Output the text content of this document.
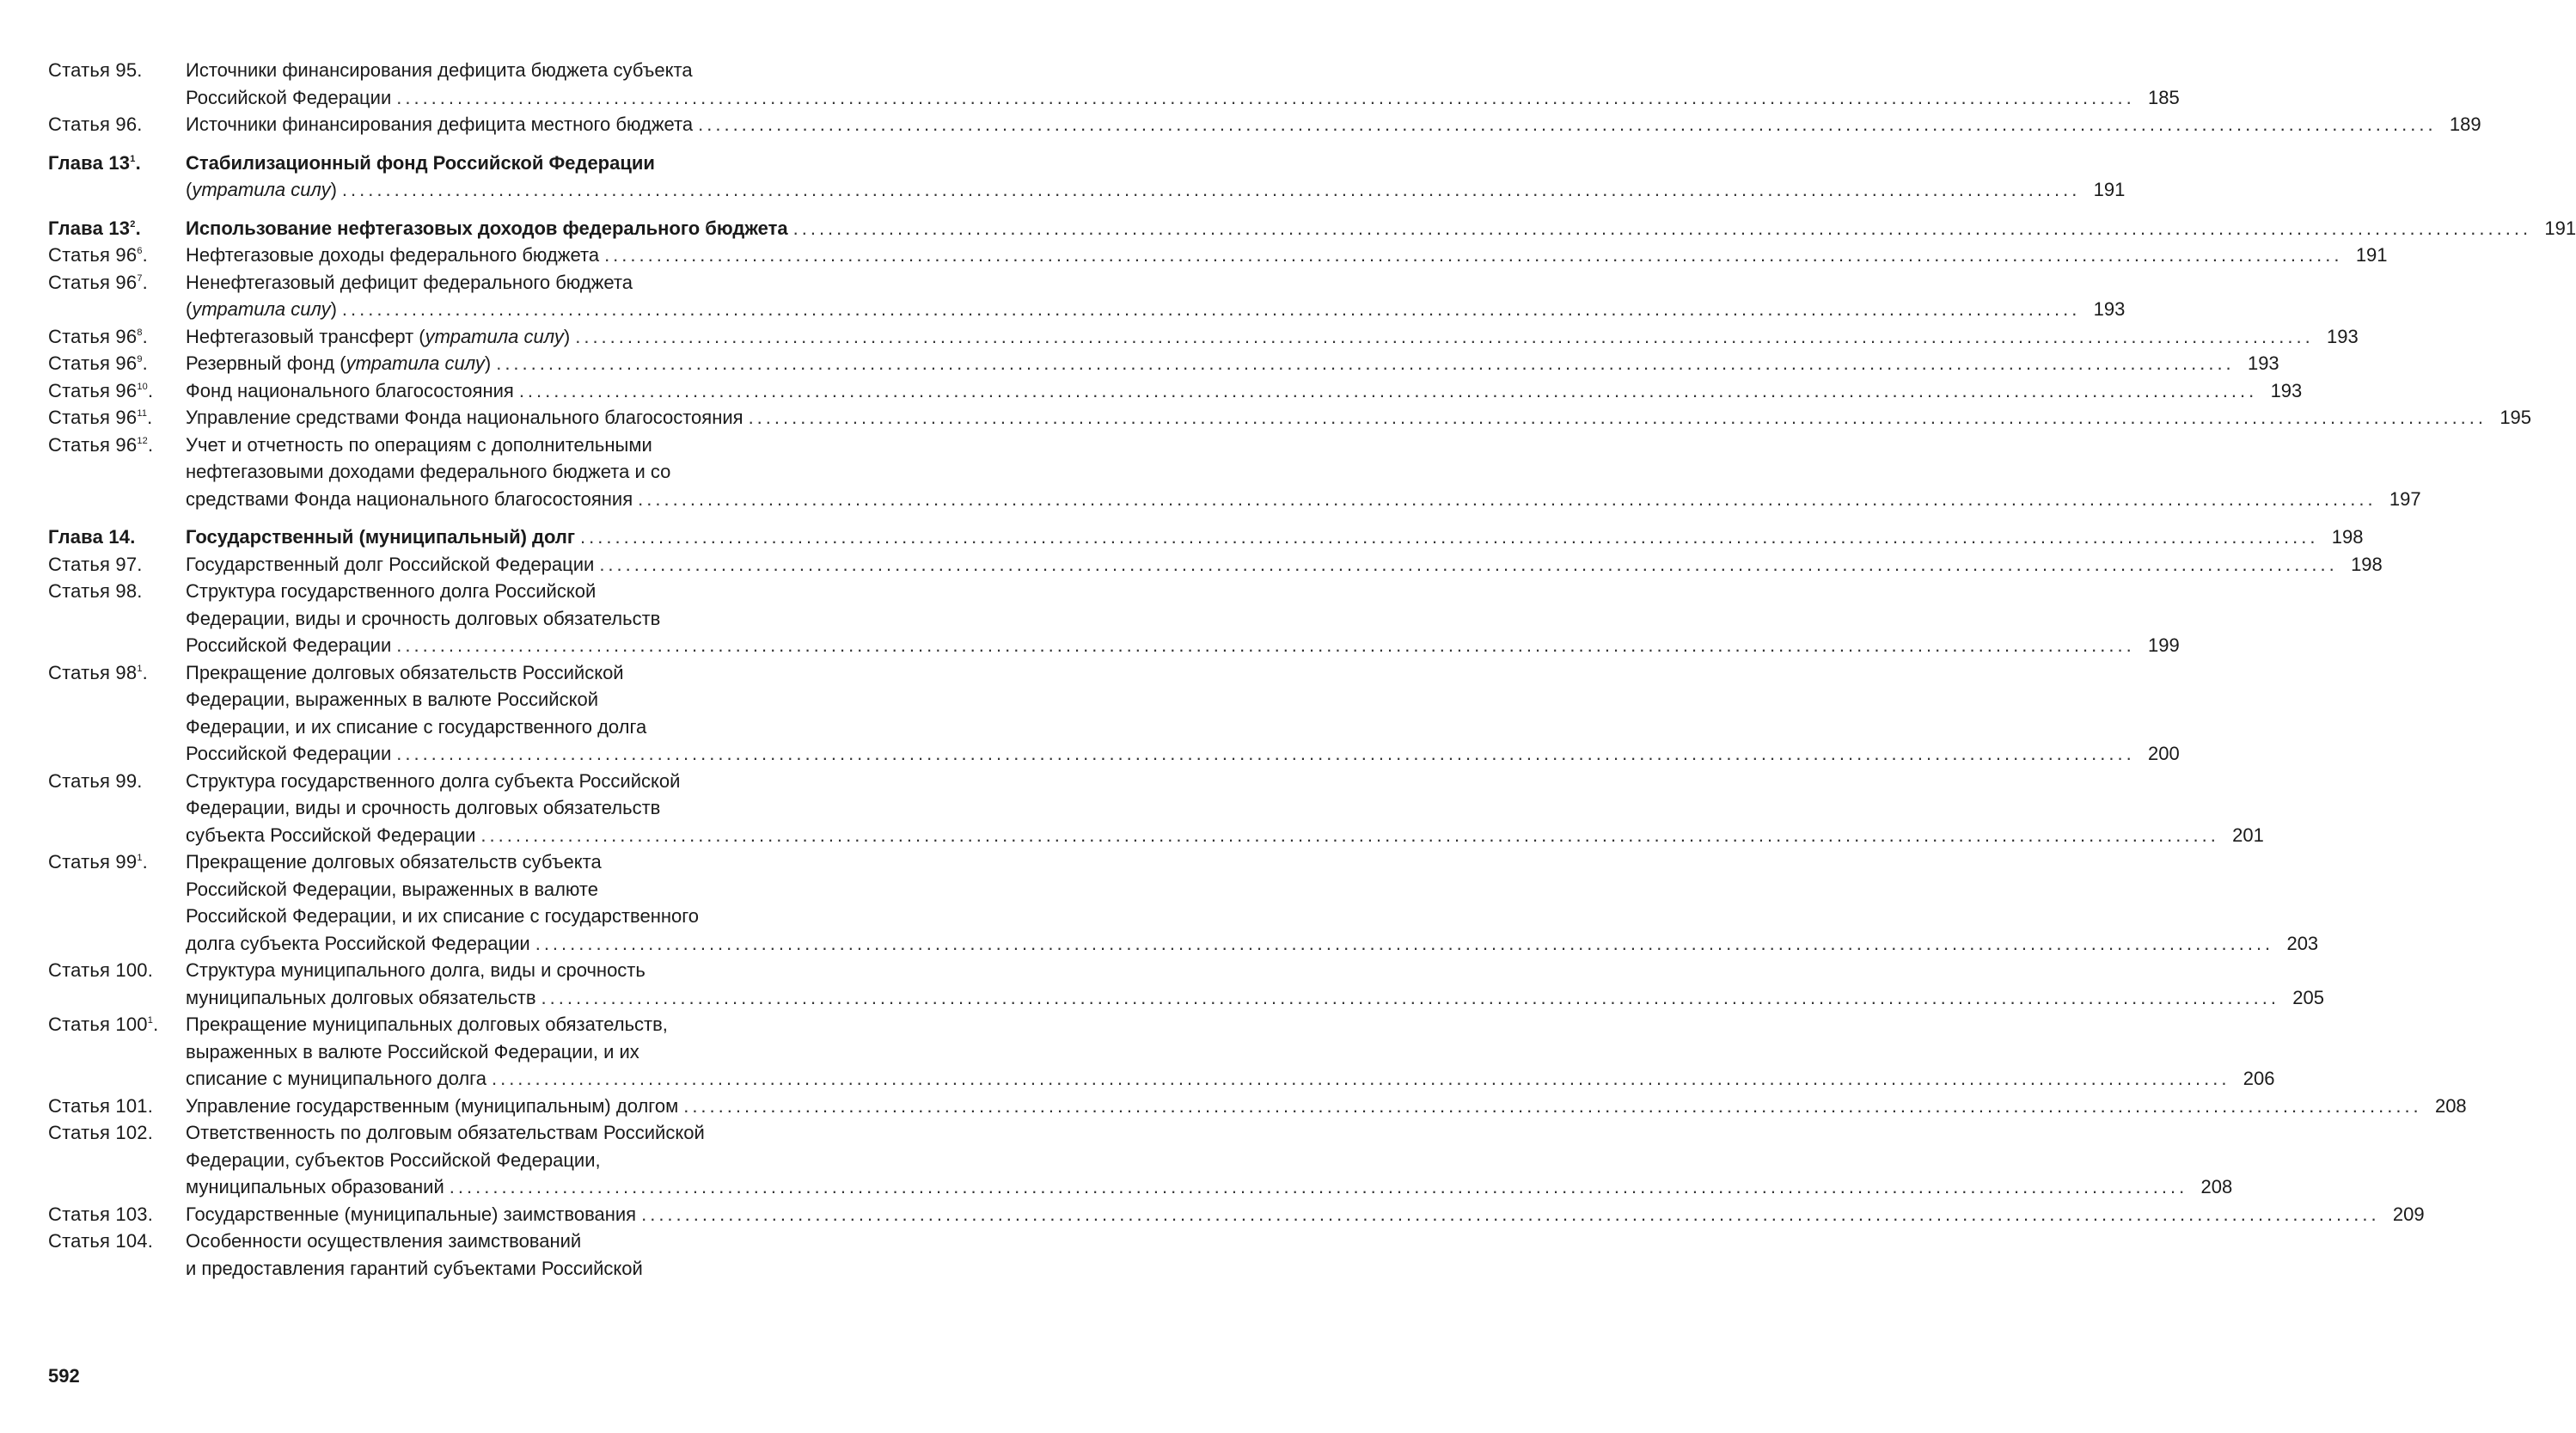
Статья 95.	Источники финансирования дефицита бюджета субъекта
Российской Федерации .....	185
Статья 96.	Источники финансирования дефицита местного бюджета .....	189
Глава $13^1$.	Стабилизационный фонд Российской Федерации
(утратила силу) .....	191
Глава $13^2$.	Использование нефтегазовых доходов федерального бюджета .....	191
Статья $96^6$.	Нефтегазовые доходы федерального бюджета .....	191
Статья $96^7$.	Ненефтегазовый дефицит федерального бюджета
(утратила силу) .....	193
Статья $96^8$.	Нефтегазовый трансферт (утратила силу) .....	193
Статья $96^9$.	Резервный фонд (утратила силу) .....	193
Статья $96^{10}$.	Фонд национального благосостояния .....	193
Статья $96^{11}$.	Управление средствами Фонда национального благосостояния .....	195
Статья $96^{12}$.	Учет и отчетность по операциям с дополнительными
нефтегазовыми доходами федерального бюджета и со
средствами Фонда национального благосостояния .....	197
Глава 14.	Государственный (муниципальный) долг .....	198
Статья 97.	Государственный долг Российской Федерации .....	198
Статья 98.	Структура государственного долга Российской
Федерации, виды и срочность долговых обязательств
Российской Федерации .....	199
Статья $98^1$.	Прекращение долговых обязательств Российской
Федерации, выраженных в валюте Российской
Федерации, и их списание с государственного долга
Российской Федерации .....	200
Статья 99.	Структура государственного долга субъекта Российской
Федерации, виды и срочность долговых обязательств
субъекта Российской Федерации .....	201
Статья $99^1$.	Прекращение долговых обязательств субъекта
Российской Федерации, выраженных в валюте
Российской Федерации, и их списание с государственного
долга субъекта Российской Федерации .....	203
Статья 100.	Структура муниципального долга, виды и срочность
муниципальных долговых обязательств .....	205
Статья $100^1$.	Прекращение муниципальных долговых обязательств,
выраженных в валюте Российской Федерации, и их
списание с муниципального долга .....	206
Статья 101.	Управление государственным (муниципальным) долгом .....	208
Статья 102.	Ответственность по долговым обязательствам Российской
Федерации, субъектов Российской Федерации,
муниципальных образований .....	208
Статья 103.	Государственные (муниципальные) заимствования .....	209
Статья 104.	Особенности осуществления заимствований
и предоставления гарантий субъектами Российской
592
